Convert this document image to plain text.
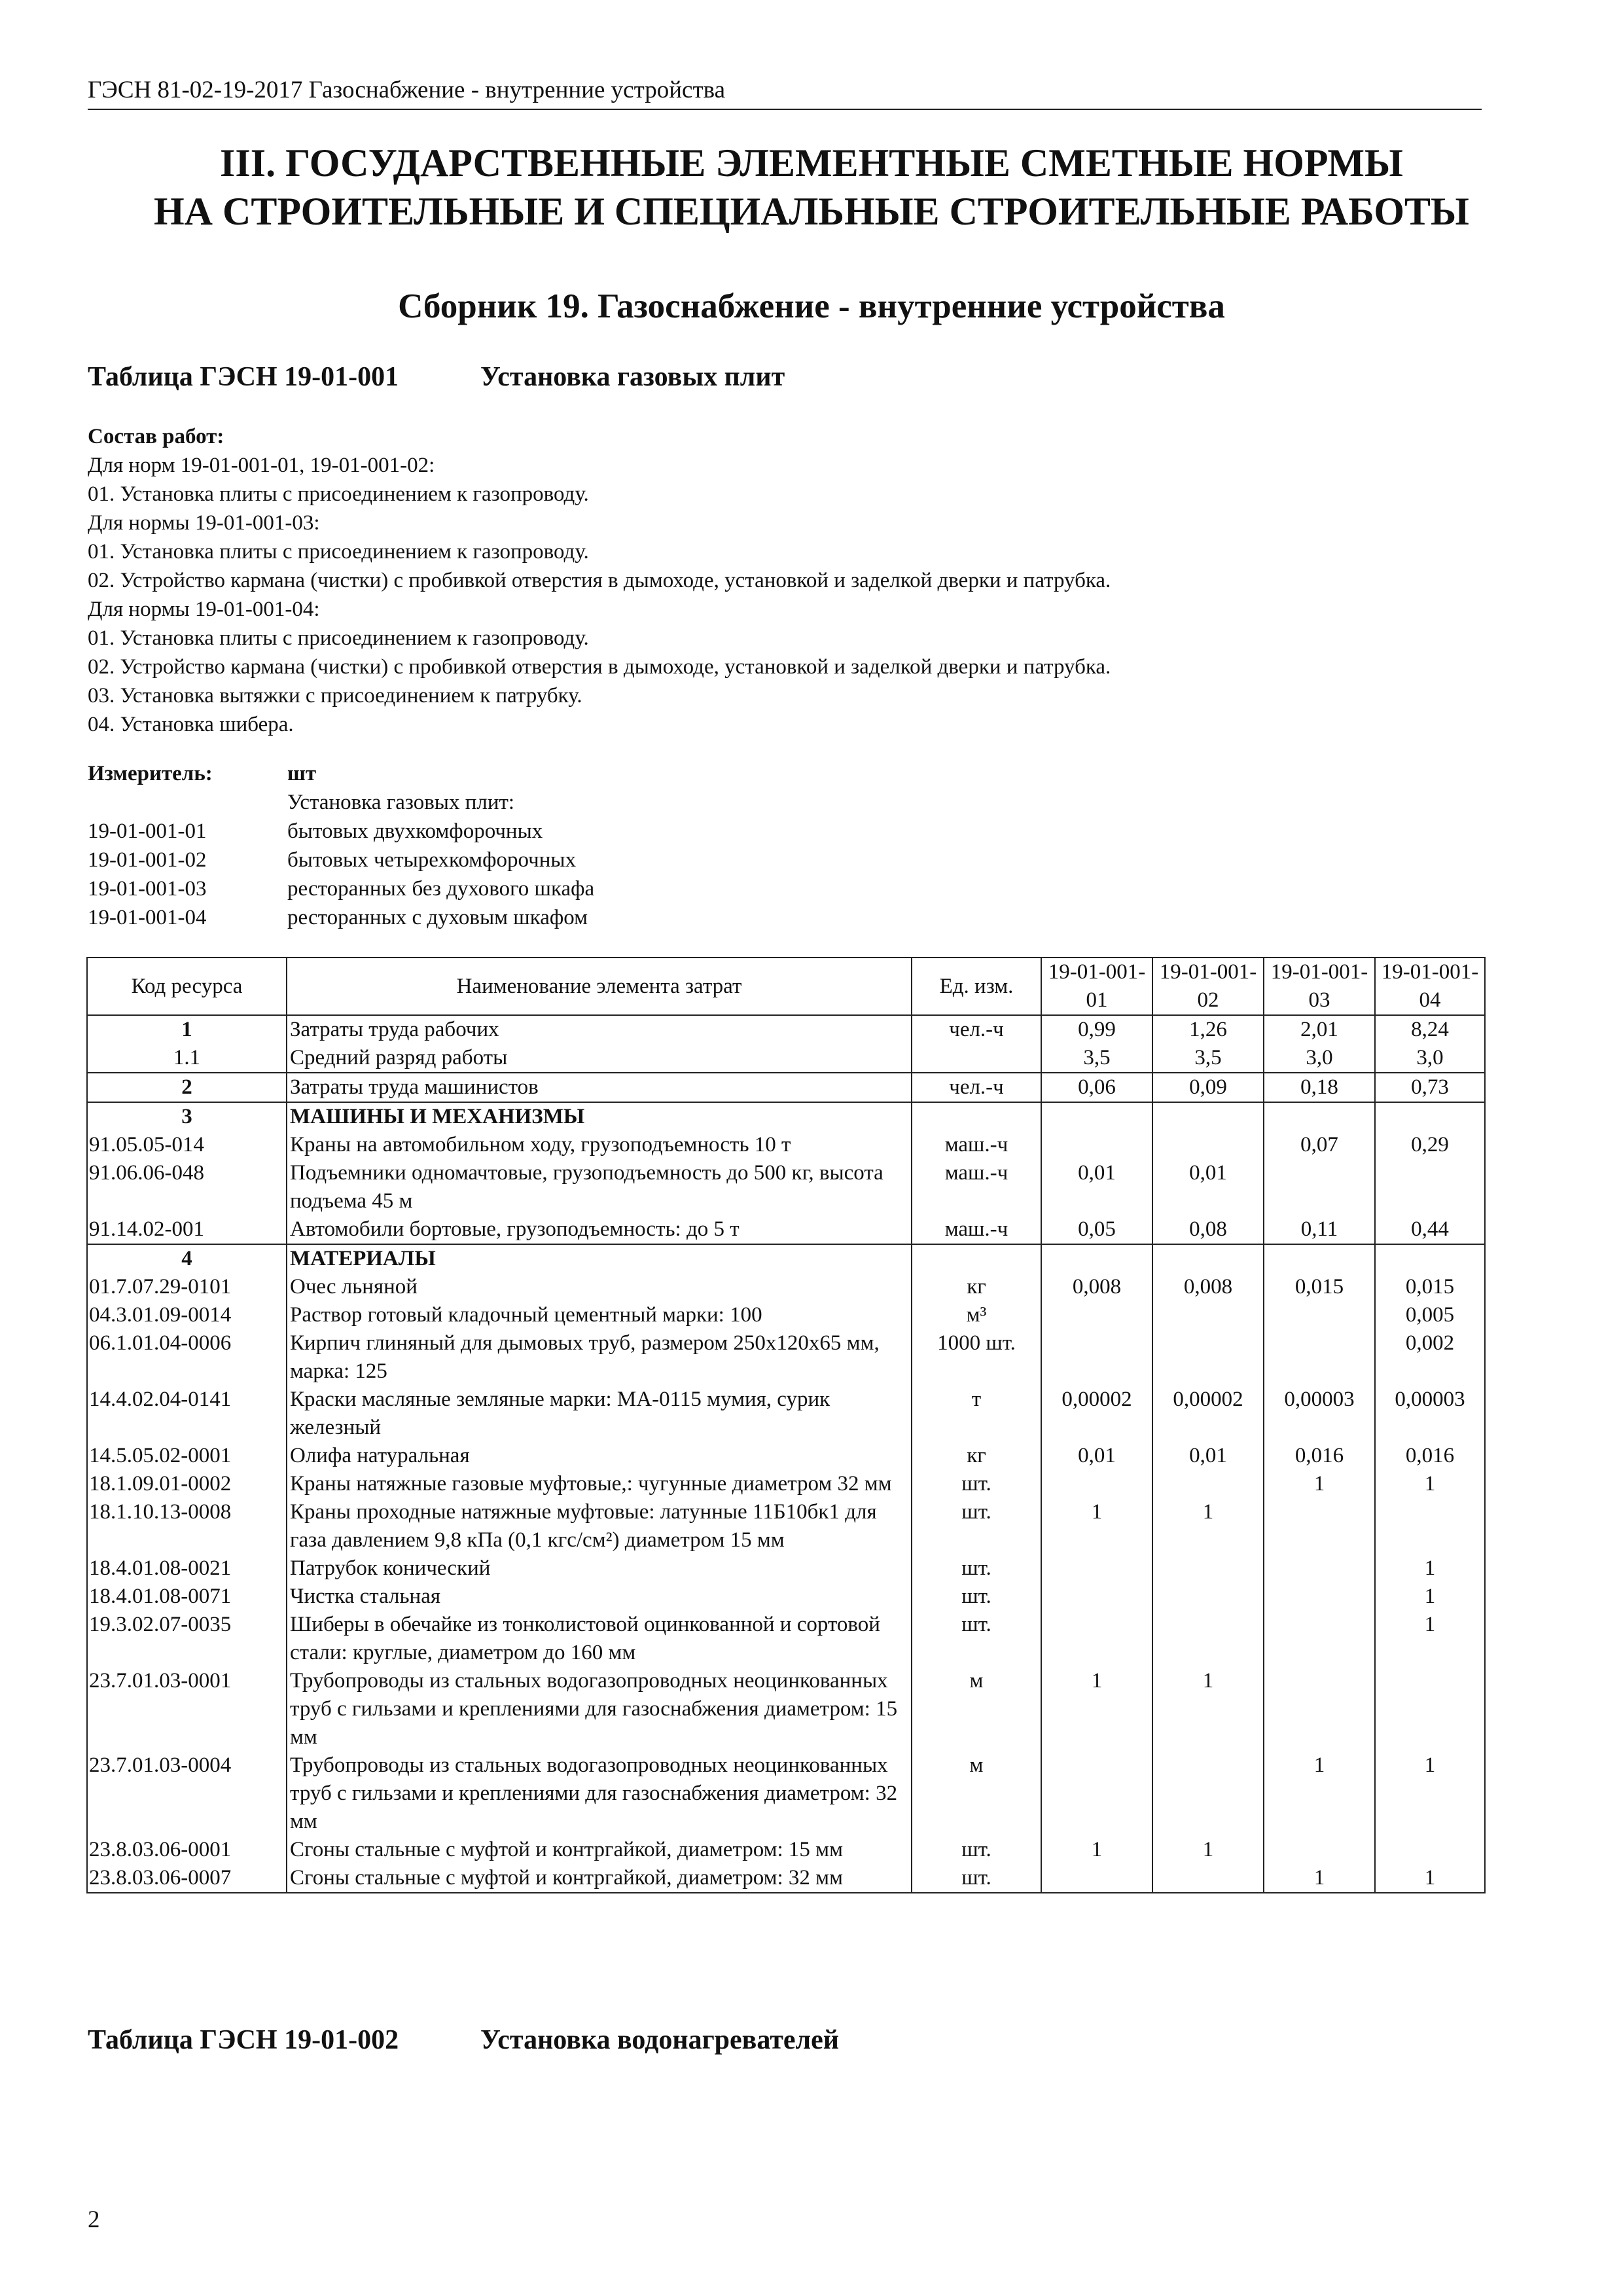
ГЭСН 81-02-19-2017 Газоснабжение - внутренние устройства
III. ГОСУДАРСТВЕННЫЕ ЭЛЕМЕНТНЫЕ СМЕТНЫЕ НОРМЫ
НА СТРОИТЕЛЬНЫЕ И СПЕЦИАЛЬНЫЕ СТРОИТЕЛЬНЫЕ РАБОТЫ
Сборник 19. Газоснабжение - внутренние устройства
Таблица ГЭСН 19-01-001	Установка газовых плит
Состав работ:
Для норм 19-01-001-01, 19-01-001-02:
01. Установка плиты с присоединением к газопроводу.
Для нормы 19-01-001-03:
01. Установка плиты с присоединением к газопроводу.
02. Устройство кармана (чистки) с пробивкой отверстия в дымоходе, установкой и заделкой дверки и патрубка.
Для нормы 19-01-001-04:
01. Установка плиты с присоединением к газопроводу.
02. Устройство кармана (чистки) с пробивкой отверстия в дымоходе, установкой и заделкой дверки и патрубка.
03. Установка вытяжки с присоединением к патрубку.
04. Установка шибера.
Измеритель:	шт
Установка газовых плит:
19-01-001-01	бытовых двухкомфорочных
19-01-001-02	бытовых четырехкомфорочных
19-01-001-03	ресторанных без духового шкафа
19-01-001-04	ресторанных с духовым шкафом
Код ресурса	Наименование элемента затрат	Ед. изм.	19-01-001-01	19-01-001-02	19-01-001-03	19-01-001-04
1	Затраты труда рабочих	чел.-ч	0,99	1,26	2,01	8,24
1.1	Средний разряд работы		3,5	3,5	3,0	3,0
2	Затраты труда машинистов	чел.-ч	0,06	0,09	0,18	0,73
3	МАШИНЫ И МЕХАНИЗМЫ					
91.05.05-014	Краны на автомобильном ходу, грузоподъемность 10 т	маш.-ч			0,07	0,29
91.06.06-048	Подъемники одномачтовые, грузоподъемность до 500 кг, высота подъема 45 м	маш.-ч	0,01	0,01		
91.14.02-001	Автомобили бортовые, грузоподъемность: до 5 т	маш.-ч	0,05	0,08	0,11	0,44
4	МАТЕРИАЛЫ					
01.7.07.29-0101	Очес льняной	кг	0,008	0,008	0,015	0,015
04.3.01.09-0014	Раствор готовый кладочный цементный марки: 100	м³				0,005
06.1.01.04-0006	Кирпич глиняный для дымовых труб, размером 250х120х65 мм, марка: 125	1000 шт.				0,002
14.4.02.04-0141	Краски масляные земляные марки: МА-0115 мумия, сурик железный	т	0,00002	0,00002	0,00003	0,00003
14.5.05.02-0001	Олифа натуральная	кг	0,01	0,01	0,016	0,016
18.1.09.01-0002	Краны натяжные газовые муфтовые,: чугунные диаметром 32 мм	шт.			1	1
18.1.10.13-0008	Краны проходные натяжные муфтовые: латунные 11Б10бк1 для газа давлением 9,8 кПа (0,1 кгс/см²) диаметром 15 мм	шт.	1	1		
18.4.01.08-0021	Патрубок конический	шт.				1
18.4.01.08-0071	Чистка стальная	шт.				1
19.3.02.07-0035	Шиберы в обечайке из тонколистовой оцинкованной и сортовой стали: круглые, диаметром до 160 мм	шт.				1
23.7.01.03-0001	Трубопроводы из стальных водогазопроводных неоцинкованных труб с гильзами и креплениями для газоснабжения диаметром: 15 мм	м	1	1		
23.7.01.03-0004	Трубопроводы из стальных водогазопроводных неоцинкованных труб с гильзами и креплениями для газоснабжения диаметром: 32 мм	м			1	1
23.8.03.06-0001	Сгоны стальные с муфтой и контргайкой, диаметром: 15 мм	шт.	1	1		
23.8.03.06-0007	Сгоны стальные с муфтой и контргайкой, диаметром: 32 мм	шт.			1	1
Таблица ГЭСН 19-01-002	Установка водонагревателей
2
